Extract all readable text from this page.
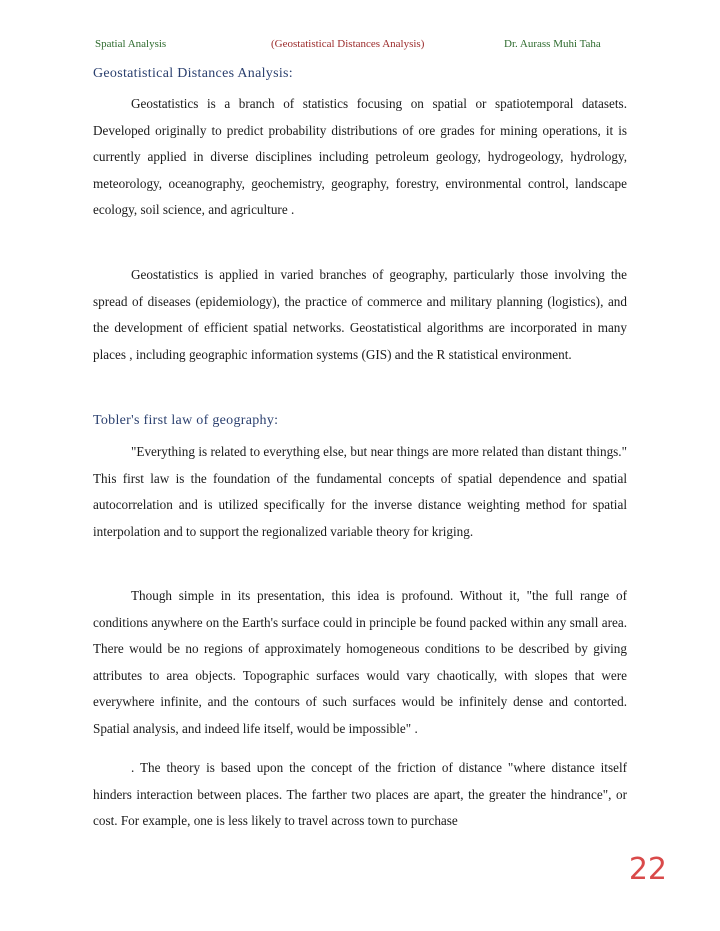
Spatial Analysis	(Geostatistical Distances Analysis)	Dr. Aurass Muhi Taha
Geostatistical Distances Analysis:

Geostatistics is a branch of statistics focusing on spatial or spatiotemporal datasets. Developed originally to predict probability distributions of ore grades for mining operations, it is currently applied in diverse disciplines including petroleum geology, hydrogeology, hydrology, meteorology, oceanography, geochemistry, geography, forestry, environmental control, landscape ecology, soil science, and agriculture .

Geostatistics is applied in varied branches of geography, particularly those involving the spread of diseases (epidemiology), the practice of commerce and military planning (logistics), and the development of efficient spatial networks. Geostatistical algorithms are incorporated in many places , including geographic information systems (GIS) and the R statistical environment.

Tobler's first law of geography:

"Everything is related to everything else, but near things are more related than distant things." This first law is the foundation of the fundamental concepts of spatial dependence and spatial autocorrelation and is utilized specifically for the inverse distance weighting method for spatial interpolation and to support the regionalized variable theory for kriging.

Though simple in its presentation, this idea is profound. Without it, "the full range of conditions anywhere on the Earth's surface could in principle be found packed within any small area. There would be no regions of approximately homogeneous conditions to be described by giving attributes to area objects. Topographic surfaces would vary chaotically, with slopes that were everywhere infinite, and the contours of such surfaces would be infinitely dense and contorted. Spatial analysis, and indeed life itself, would be impossible" .

. The theory is based upon the concept of the friction of distance "where distance itself hinders interaction between places. The farther two places are apart, the greater the hindrance", or cost. For example, one is less likely to travel across town to purchase

22
